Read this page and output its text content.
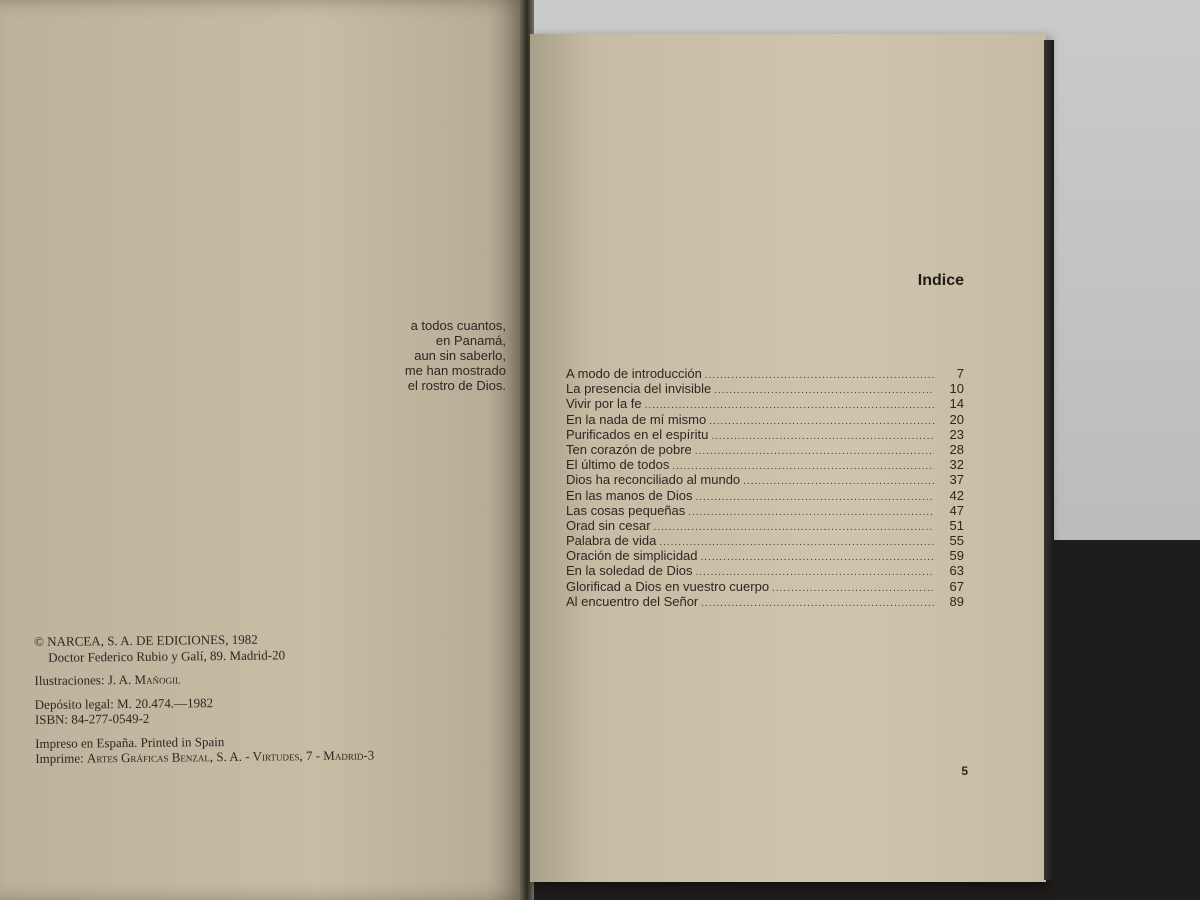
a todos cuantos,
en Panamá,
aun sin saberlo,
me han mostrado
el rostro de Dios.
© NARCEA, S. A. DE EDICIONES, 1982
Doctor Federico Rubio y Galí, 89. Madrid-20
Ilustraciones: J. A. Mañogil
Depósito legal: M. 20.474.—1982
ISBN: 84-277-0549-2
Impreso en España. Printed in Spain
Imprime: Artes Gráficas Benzal, S. A. - Virtudes, 7 - Madrid-3
Indice
A modo de introducción .....	7
La presencia del invisible .....	10
Vivir por la fe .....	14
En la nada de mí mismo .....	20
Purificados en el espíritu .....	23
Ten corazón de pobre .....	28
El último de todos .....	32
Dios ha reconciliado al mundo .....	37
En las manos de Dios .....	42
Las cosas pequeñas .....	47
Orad sin cesar .....	51
Palabra de vida .....	55
Oración de simplicidad .....	59
En la soledad de Dios .....	63
Glorificad a Dios en vuestro cuerpo .....	67
Al encuentro del Señor .....	89
5
